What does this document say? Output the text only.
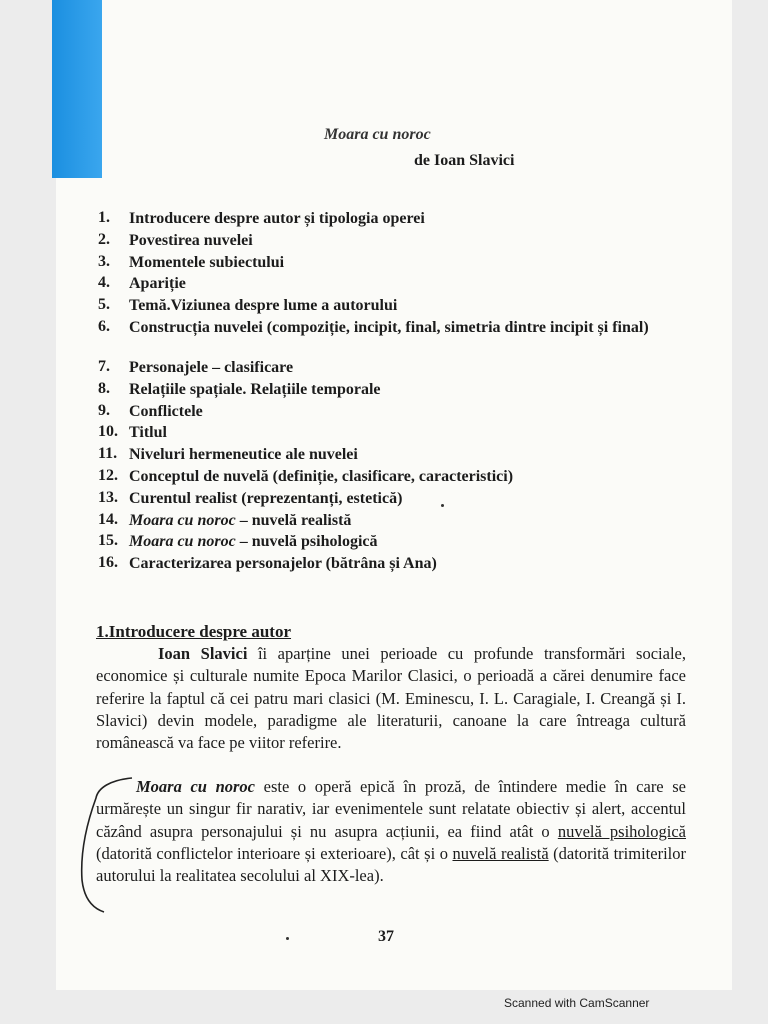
Moara cu noroc
de Ioan Slavici
1.	Introducere despre autor și tipologia operei
2.	Povestirea nuvelei
3.	Momentele subiectului
4.	Apariție
5.	Temă.Viziunea despre lume a autorului
6.	Construcția nuvelei (compoziție, incipit, final, simetria dintre incipit și final)
7.	Personajele – clasificare
8.	Relațiile spațiale. Relațiile temporale
9.	Conflictele
10. Titlul
11. Niveluri hermeneutice ale nuvelei
12. Conceptul de nuvelă (definiție, clasificare, caracteristici)
13. Curentul realist (reprezentanți, estetică)
14. Moara cu noroc – nuvelă realistă
15. Moara cu noroc – nuvelă psihologică
16. Caracterizarea personajelor (bătrâna și Ana)
1.Introducere despre autor
Ioan Slavici îi aparține unei perioade cu profunde transformări sociale, economice și culturale numite Epoca Marilor Clasici, o perioadă a cărei denumire face referire la faptul că cei patru mari clasici (M. Eminescu, I. L. Caragiale, I. Creangă și I. Slavici) devin modele, paradigme ale literaturii, canoane la care întreaga cultură românească va face pe viitor referire.
Moara cu noroc este o operă epică în proză, de întindere medie în care se urmărește un singur fir narativ, iar evenimentele sunt relatate obiectiv și alert, accentul căzând asupra personajului și nu asupra acțiunii, ea fiind atât o nuvelă psihologică (datorită conflictelor interioare și exterioare), cât și o nuvelă realistă (datorită trimiterilor autorului la realitatea secolului al XIX-lea).
37
Scanned with CamScanner
